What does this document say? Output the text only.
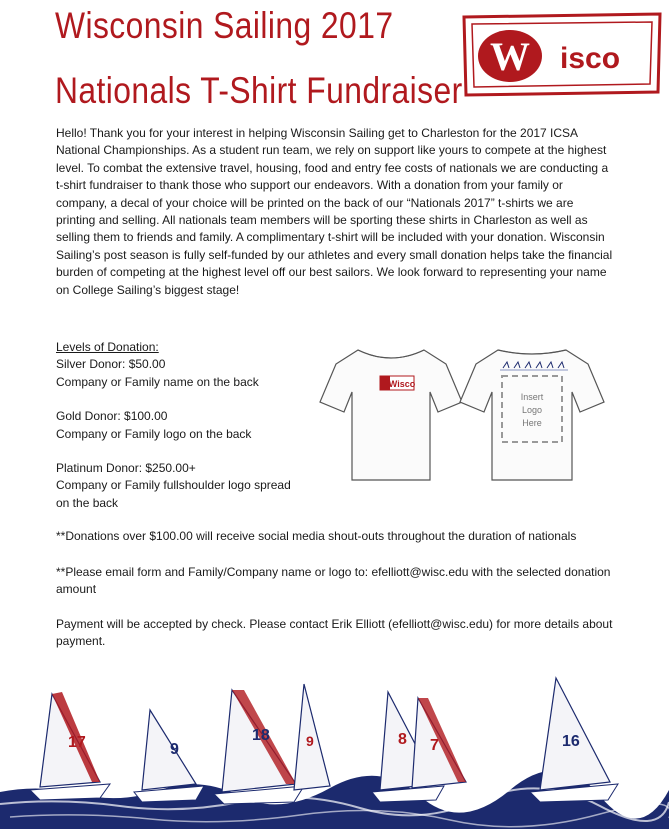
Wisconsin Sailing 2017
Nationals T-Shirt Fundraiser
W isco

Hello! Thank you for your interest in helping Wisconsin Sailing get to Charleston for the 2017 ICSA National Championships. As a student run team, we rely on support like yours to compete at the highest level. To combat the extensive travel, housing, food and entry fee costs of nationals we are conducting a t-shirt fundraiser to thank those who support our endeavors. With a donation from your family or company, a decal of your choice will be printed on the back of our “Nationals 2017” t-shirts we are printing and selling. All nationals team members will be sporting these shirts in Charleston as well as selling them to friends and family. A complimentary t-shirt will be included with your donation. Wisconsin Sailing’s post season is fully self-funded by our athletes and every small donation helps take the financial burden of competing at the highest level off our best sailors. We look forward to representing your name on College Sailing’s biggest stage!

Levels of Donation:
Silver Donor: $50.00
Company or Family name on the back
Gold Donor: $100.00
Company or Family logo on the back
Platinum Donor: $250.00+
Company or Family fullshoulder logo spread on the back
Wisco
Insert
Logo
Here

**Donations over $100.00 will receive social media shout-outs throughout the duration of nationals

**Please email form and Family/Company name or logo to: efelliott@wisc.edu with the selected donation amount

Payment will be accepted by check. Please contact Erik Elliott (efelliott@wisc.edu) for more details about payment.

17	9
18	9	8 7	16
